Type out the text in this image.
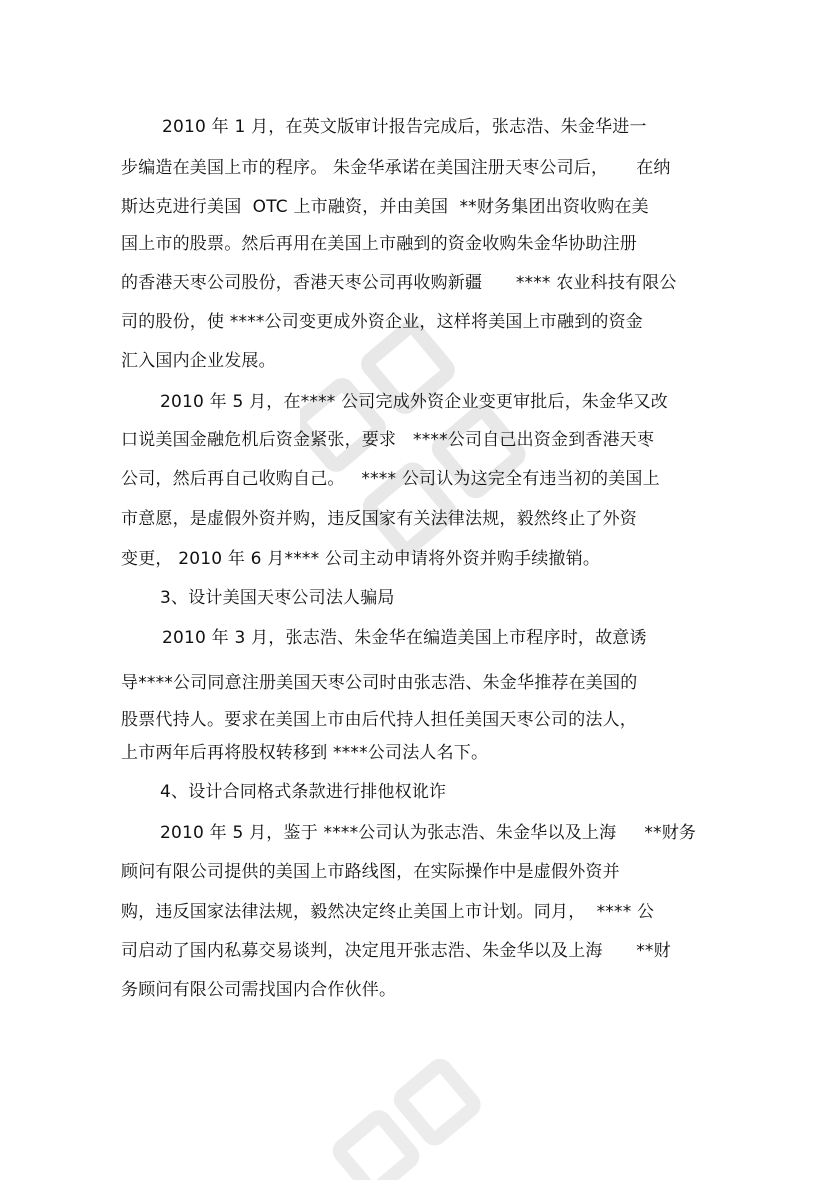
2010 年 1 月，在英文版审计报告完成后，张志浩、朱金华进一
步编造在美国上市的程序。 朱金华承诺在美国注册天枣公司后，     在纳
斯达克进行美国  OTC 上市融资，并由美国  **财务集团出资收购在美
国上市的股票。然后再用在美国上市融到的资金收购朱金华协助注册
的香港天枣公司股份，香港天枣公司再收购新疆      **** 农业科技有限公
司的股份，使 ****公司变更成外资企业，这样将美国上市融到的资金
汇入国内企业发展。
2010 年 5 月，在**** 公司完成外资企业变更审批后，朱金华又改
口说美国金融危机后资金紧张，要求   ****公司自己出资金到香港天枣
公司，然后再自己收购自己。   **** 公司认为这完全有违当初的美国上
市意愿，是虚假外资并购，违反国家有关法律法规，毅然终止了外资
变更， 2010 年 6 月**** 公司主动申请将外资并购手续撤销。
3、设计美国天枣公司法人骗局
2010 年 3 月，张志浩、朱金华在编造美国上市程序时，故意诱
导****公司同意注册美国天枣公司时由张志浩、朱金华推荐在美国的
股票代持人。要求在美国上市由后代持人担任美国天枣公司的法人，
上市两年后再将股权转移到 ****公司法人名下。
4、设计合同格式条款进行排他权讹诈
2010 年 5 月，鉴于 ****公司认为张志浩、朱金华以及上海     **财务
顾问有限公司提供的美国上市路线图，在实际操作中是虚假外资并
购，违反国家法律法规，毅然决定终止美国上市计划。同月，  **** 公
司启动了国内私募交易谈判，决定甩开张志浩、朱金华以及上海      **财
务顾问有限公司需找国内合作伙伴。
